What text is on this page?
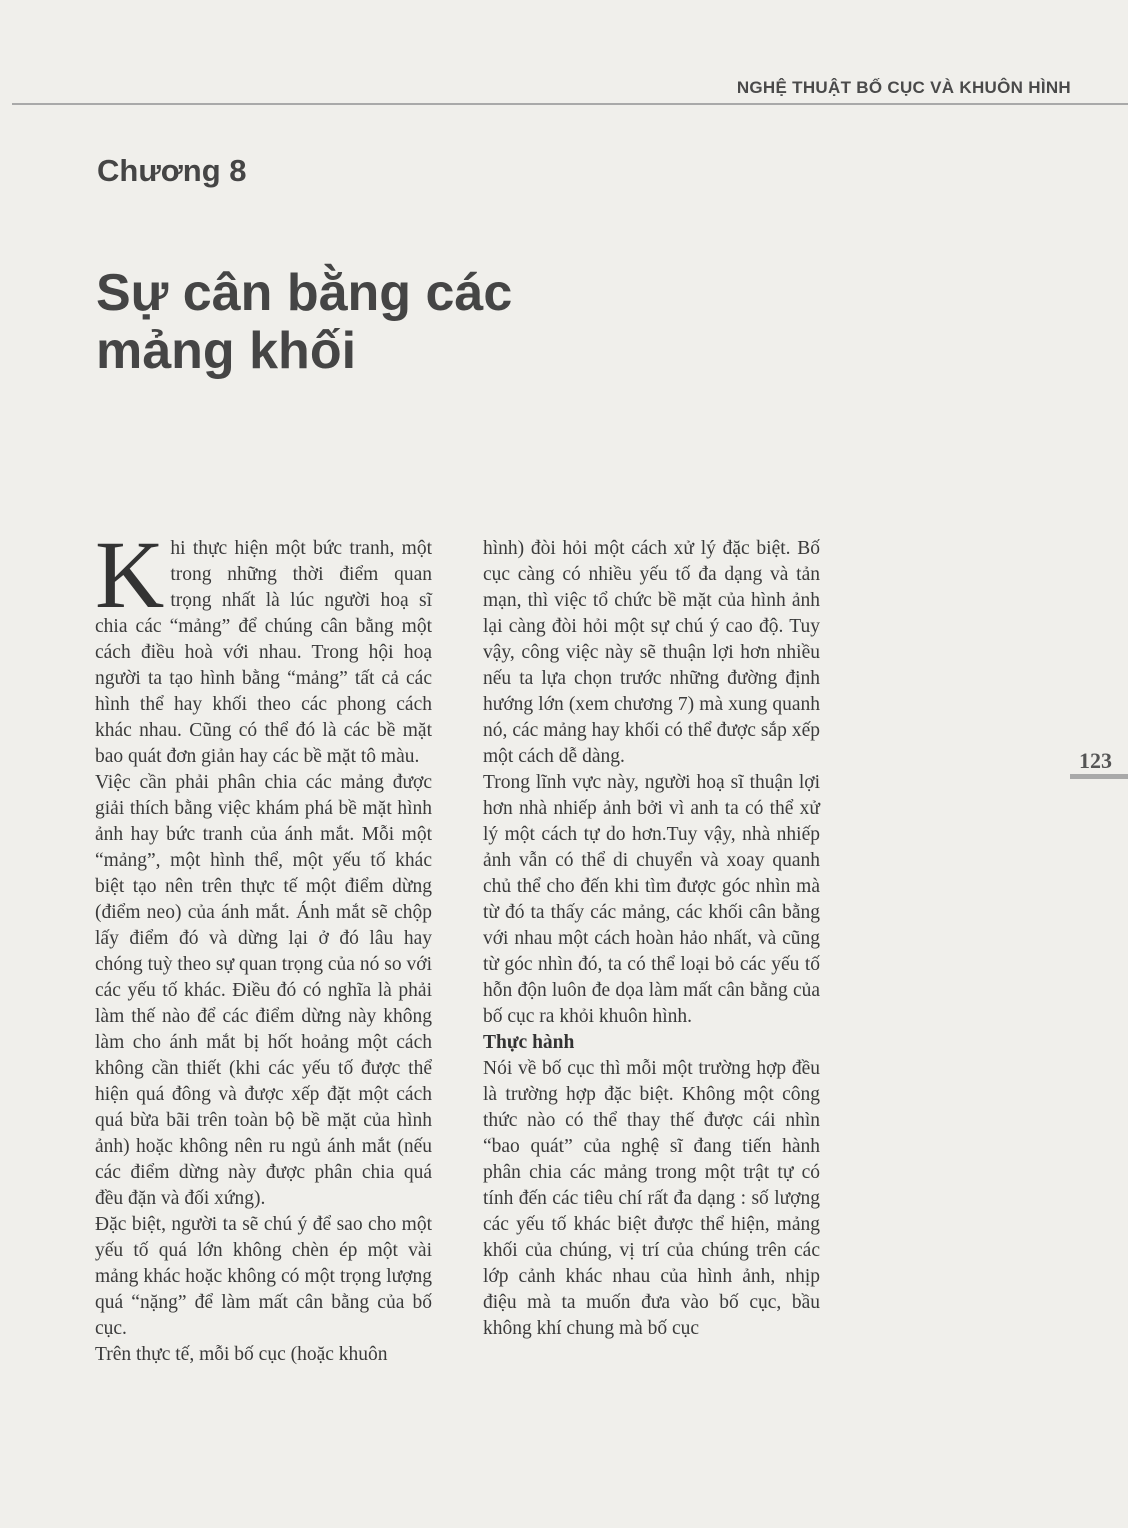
NGHỆ THUẬT BỐ CỤC VÀ KHUÔN HÌNH
Chương 8
Sự cân bằng các
mảng khối

Khi thực hiện một bức tranh, một trong những thời điểm quan trọng nhất là lúc người hoạ sĩ chia các “mảng” để chúng cân bằng một cách điều hoà với nhau. Trong hội hoạ người ta tạo hình bằng “mảng” tất cả các hình thể hay khối theo các phong cách khác nhau. Cũng có thể đó là các bề mặt bao quát đơn giản hay các bề mặt tô màu.

Việc cần phải phân chia các mảng được giải thích bằng việc khám phá bề mặt hình ảnh hay bức tranh của ánh mắt. Mỗi một “mảng”, một hình thể, một yếu tố khác biệt tạo nên trên thực tế một điểm dừng (điểm neo) của ánh mắt. Ánh mắt sẽ chộp lấy điểm đó và dừng lại ở đó lâu hay chóng tuỳ theo sự quan trọng của nó so với các yếu tố khác. Điều đó có nghĩa là phải làm thế nào để các điểm dừng này không làm cho ánh mắt bị hốt hoảng một cách không cần thiết (khi các yếu tố được thể hiện quá đông và được xếp đặt một cách quá bừa bãi trên toàn bộ bề mặt của hình ảnh) hoặc không nên ru ngủ ánh mắt (nếu các điểm dừng này được phân chia quá đều đặn và đối xứng).

Đặc biệt, người ta sẽ chú ý để sao cho một yếu tố quá lớn không chèn ép một vài mảng khác hoặc không có một trọng lượng quá “nặng” để làm mất cân bằng của bố cục.

Trên thực tế, mỗi bố cục (hoặc khuôn

hình) đòi hỏi một cách xử lý đặc biệt. Bố cục càng có nhiều yếu tố đa dạng và tản mạn, thì việc tổ chức bề mặt của hình ảnh lại càng đòi hỏi một sự chú ý cao độ. Tuy vậy, công việc này sẽ thuận lợi hơn nhiều nếu ta lựa chọn trước những đường định hướng lớn (xem chương 7) mà xung quanh nó, các mảng hay khối có thể được sắp xếp một cách dễ dàng.

Trong lĩnh vực này, người hoạ sĩ thuận lợi hơn nhà nhiếp ảnh bởi vì anh ta có thể xử lý một cách tự do hơn.Tuy vậy, nhà nhiếp ảnh vẫn có thể di chuyển và xoay quanh chủ thể cho đến khi tìm được góc nhìn mà từ đó ta thấy các mảng, các khối cân bằng với nhau một cách hoàn hảo nhất, và cũng từ góc nhìn đó, ta có thể loại bỏ các yếu tố hỗn độn luôn đe dọa làm mất cân bằng của bố cục ra khỏi khuôn hình.

Thực hành

Nói về bố cục thì mỗi một trường hợp đều là trường hợp đặc biệt. Không một công thức nào có thể thay thế được cái nhìn “bao quát” của nghệ sĩ đang tiến hành phân chia các mảng trong một trật tự có tính đến các tiêu chí rất đa dạng : số lượng các yếu tố khác biệt được thể hiện, mảng khối của chúng, vị trí của chúng trên các lớp cảnh khác nhau của hình ảnh, nhịp điệu mà ta muốn đưa vào bố cục, bầu không khí chung mà bố cục

123
